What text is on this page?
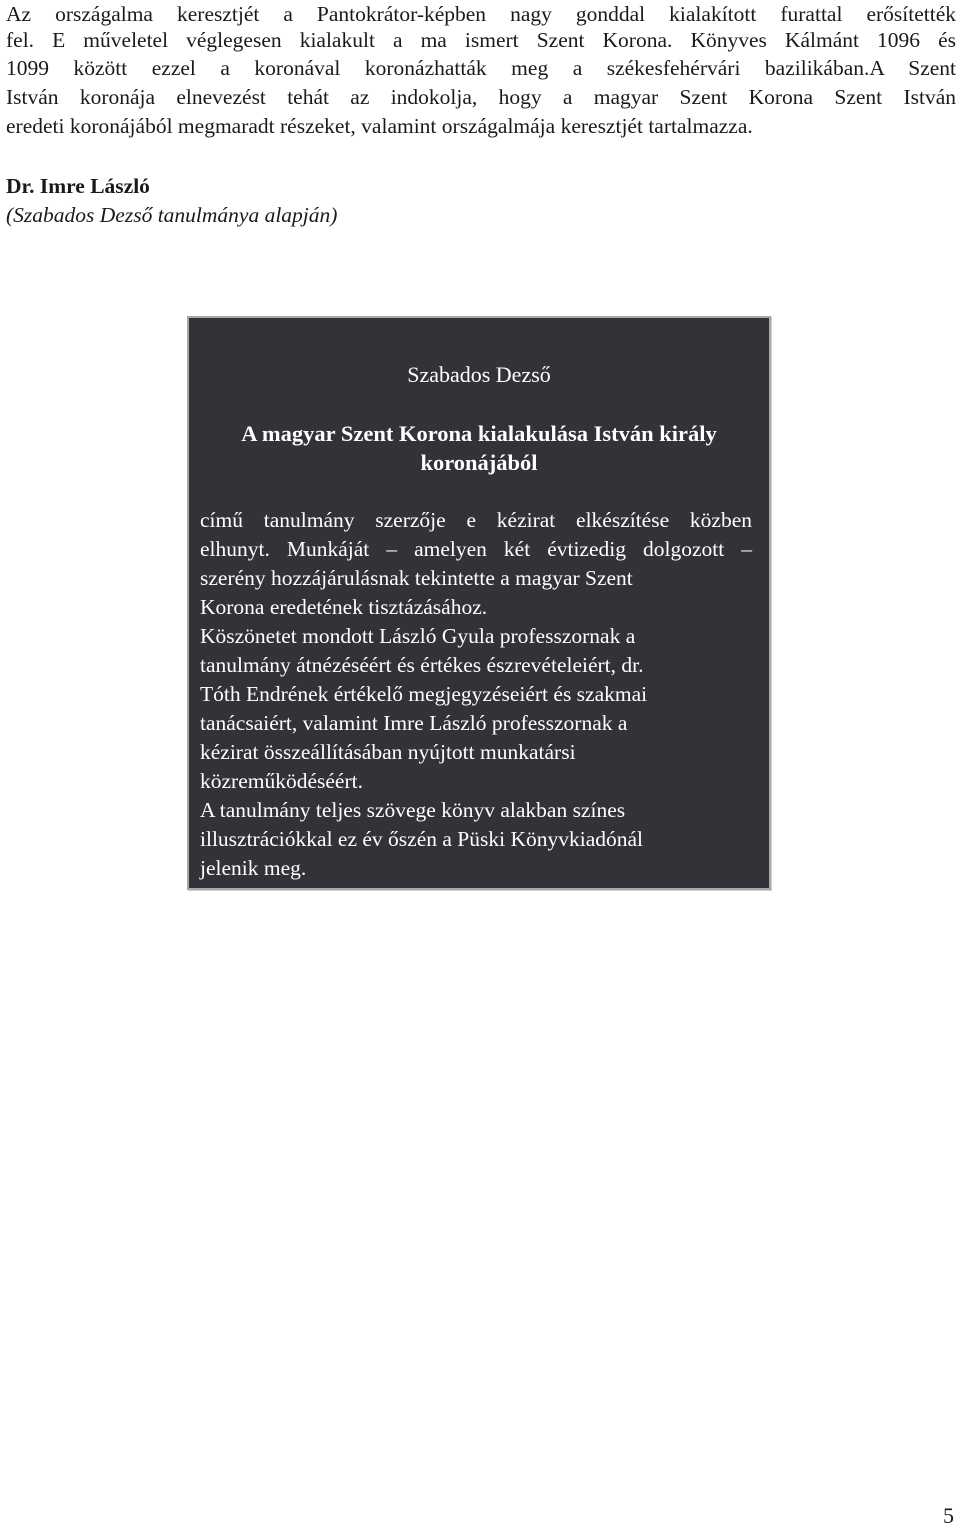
Az országalma keresztjét a Pantokrátor-képben nagy gonddal kialakított furattal erősítették
fel. E műveletel véglegesen kialakult a ma ismert Szent Korona. Könyves Kálmánt 1096 és
1099 között ezzel a koronával koronázhatták meg a székesfehérvári bazilikában.A Szent
István koronája elnevezést tehát az indokolja, hogy a magyar Szent Korona Szent István
eredeti koronájából megmaradt részeket, valamint országalmája keresztjét tartalmazza.
Dr. Imre László
(Szabados Dezső tanulmánya alapján)
Szabados Dezső
A magyar Szent Korona kialakulása István király
koronájából
című tanulmány szerzője e kézirat elkészítése közben
elhunyt. Munkáját – amelyen két évtizedig dolgozott –
szerény hozzájárulásnak tekintette a magyar Szent
Korona eredetének tisztázásához.
Köszönetet mondott László Gyula professzornak a
tanulmány átnézéséért és értékes észrevételeiért, dr.
Tóth Endrének értékelő megjegyzéseiért és szakmai
tanácsaiért, valamint Imre László professzornak a
kézirat összeállításában nyújtott munkatársi
közreműködéséért.
A tanulmány teljes szövege könyv alakban színes
illusztrációkkal ez év őszén a Püski Könyvkiadónál
jelenik meg.
5
